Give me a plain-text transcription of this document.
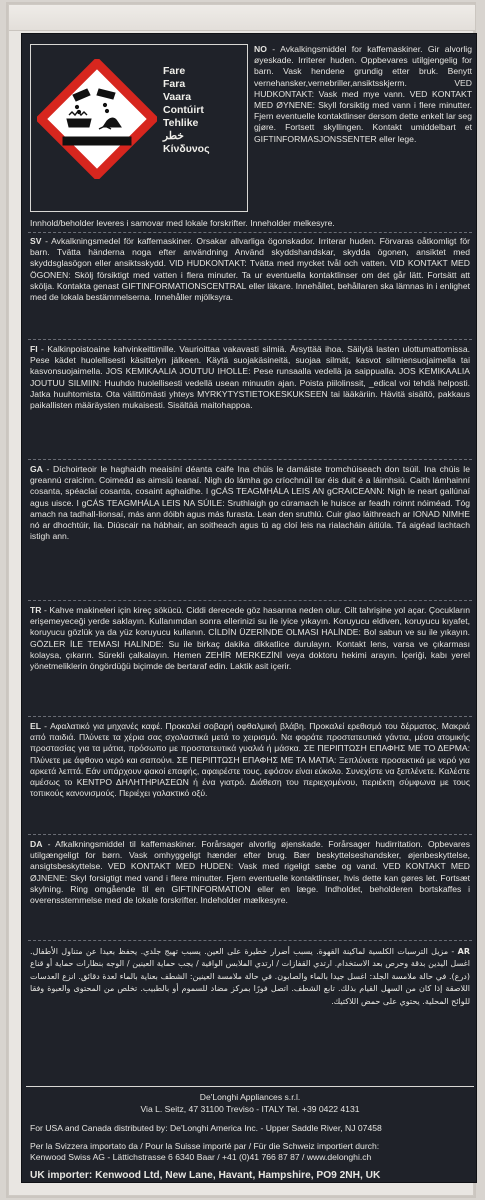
Fare
Fara
Vaara
Contúirt
Tehlike
خطر
Κίνδυνος
NO - Avkalkingsmiddel for kaffemaskiner. Gir alvorlig øyeskade. Irriterer huden. Oppbevares utilgjengelig for barn. Vask hendene grundig etter bruk. Benytt vernehansker,vernebriller,ansiktsskjerm. VED HUDKONTAKT: Vask med mye vann. VED KONTAKT MED ØYNENE: Skyll forsiktig med vann i flere minutter. Fjern eventuelle kontaktlinser dersom dette enkelt lar seg gjøre. Fortsett skyllingen. Kontakt umiddelbart et GIFTINFORMASJONSSENTER eller lege.
Innhold/beholder leveres i samovar med lokale forskrifter. Inneholder melkesyre.
SV - Avkalkningsmedel för kaffemaskiner. Orsakar allvarliga ögonskador. Irriterar huden. Förvaras oåtkomligt för barn. Tvätta händerna noga efter användning Använd skyddshandskar, skydda ögonen, ansiktet med skyddsglasögon eller ansiktsskydd. VID HUDKONTAKT: Tvätta med mycket tvål och vatten. VID KONTAKT MED ÖGONEN: Skölj försiktigt med vatten i flera minuter. Ta ur eventuella kontaktlinser om det går lätt. Fortsätt att skölja. Kontakta genast GIFTINFORMATIONSCENTRAL eller läkare. Innehållet, behållaren ska lämnas in i enlighet med de lokala bestämmelserna. Innehåller mjölksyra.
FI - Kalkinpoistoaine kahvinkeittimille. Vaurioittaa vakavasti silmiä. Ärsyttää ihoa. Säilytä lasten ulottumattomissa. Pese kädet huolellisesti käsittelyn jälkeen. Käytä suojakäsineitä, suojaa silmät, kasvot silmiensuojaimella tai kasvonsuojaimella. JOS KEMIKAALIA JOUTUU IHOLLE: Pese runsaalla vedellä ja saippualla. JOS KEMIKAALIA JOUTUU SILMIIN: Huuhdo huolellisesti vedellä usean minuutin ajan. Poista piilolinssit, _edical voi tehdä helposti. Jatka huuhtomista. Ota välittömästi yhteys MYRKYTYSTIETOKESKUKSEEN tai lääkäriin. Hävitä sisältö, pakkaus paikallisten määräysten mukaisesti. Sisältää maitohappoa.
GA - Díchoirteoir le haghaidh meaisíní déanta caife Ina chúis le damáiste tromchúiseach don tsúil. Ina chúis le greannú craicinn. Coimeád as aimsiú leanaí. Nigh do lámha go críochnúil tar éis duit é a láimhsiú. Caith lámhainní cosanta, spéaclaí cosanta, cosaint aghaidhe. I gCÁS TEAGMHÁLA LEIS AN gCRAICEANN: Nigh le neart gallúnaí agus uisce. I gCÁS TEAGMHÁLA LEIS NA SÚILE: Sruthlaigh go cúramach le huisce ar feadh roinnt nóiméad. Tóg amach na tadhall-lionsaí, más ann dóibh agus más furasta. Lean den sruthlú. Cuir glao láithreach ar IONAD NIMHE nó ar dhochtúir, lia. Diúscair na hábhair, an soitheach agus tú ag cloí leis na rialacháin áitiúla. Tá aigéad lachtach istigh ann.
TR - Kahve makineleri için kireç sökücü. Ciddi derecede göz hasarına neden olur. Cilt tahrişine yol açar. Çocukların erişemeyeceği yerde saklayın. Kullanımdan sonra ellerinizi su ile iyice yıkayın. Koruyucu eldiven, koruyucu kıyafet, koruyucu gözlük ya da yüz koruyucu kullanın. CİLDİN ÜZERİNDE OLMASI HALİNDE: Bol sabun ve su ile yıkayın. GÖZLER İLE TEMASI HALİNDE: Su ile birkaç dakika dikkatlice durulayın. Kontakt lens, varsa ve çıkarması kolaysa, çıkarın. Sürekli çalkalayın. Hemen ZEHİR MERKEZİNİ veya doktoru hekimi arayın. İçeriği, kabı yerel yönetmeliklerin öngördüğü biçimde de bertaraf edin. Laktik asit içerir.
EL - Αφαλατικό για μηχανές καφέ. Προκαλεί σοβαρή οφθαλμική βλάβη. Προκαλεί ερεθισμό του δέρματος. Μακριά από παιδιά. Πλύνετε τα χέρια σας σχολαστικά μετά το χειρισμό. Να φοράτε προστατευτικά γάντια, μέσα ατομικής προστασίας για τα μάτια, πρόσωπο με προστατευτικά γυαλιά ή μάσκα. ΣΕ ΠΕΡΙΠΤΩΣΗ ΕΠΑΦΗΣ ΜΕ ΤΟ ΔΕΡΜΑ: Πλύνετε με άφθονο νερό και σαπούνι. ΣΕ ΠΕΡΙΠΤΩΣΗ ΕΠΑΦΗΣ ΜΕ ΤΑ ΜΑΤΙΑ: Ξεπλύνετε προσεκτικά με νερό για αρκετά λεπτά. Εάν υπάρχουν φακοί επαφής, αφαιρέστε τους, εφόσον είναι εύκολο. Συνεχίστε να ξεπλένετε. Καλέστε αμέσως το ΚΕΝΤΡΟ ΔΗΛΗΤΗΡΙΑΣΕΩΝ ή ένα γιατρό. Διάθεση του περιεχομένου, περιέκτη σύμφωνα με τους τοπικούς κανονισμούς. Περιέχει γαλακτικό οξύ.
DA - Afkalkningsmiddel til kaffemaskiner. Forårsager alvorlig øjenskade. Forårsager hudirritation. Opbevares utilgængeligt for børn. Vask omhyggeligt hænder efter brug. Bær beskyttelseshandsker, øjenbeskyttelse, ansigtsbeskyttelse. VED KONTAKT MED HUDEN: Vask med rigeligt sæbe og vand. VED KONTAKT MED ØJNENE: Skyl forsigtigt med vand i flere minutter. Fjern eventuelle kontaktlinser, hvis dette kan gøres let. Fortsæt skylning. Ring omgående til en GIFTINFORMATION eller en læge. Indholdet, beholderen bortskaffes i overensstemmelse med de lokale forskrifter. Indeholder mælkesyre.
AR - مزيل الترسبات الكلسية لماكينة القهوة. يسبب أضرار خطيرة على العين. يسبب تهيج جلدي. يحفظ بعيدا عن متناول الأطفال. اغسل اليدين بدقة وحرص بعد الاستخدام. ارتدي القفازات / ارتدي الملابس الواقية / يجب حماية العينين / الوجه بنظارات حماية أو قناع (درع). في حالة ملامسة الجلد: اغسل جيدا بالماء والصابون. في حالة ملامسة العينين: الشطف بعناية بالماء لعدة دقائق. انزع العدسات اللاصقة إذا كان من السهل القيام بذلك. تابع الشطف. اتصل فورًا بمركز مضاد للسموم أو بالطبيب. تخلص من المحتوى والعبوة وفقا للوائح المحلية. يحتوي على حمض اللاكتيك.
De'Longhi Appliances s.r.l.
Via L. Seitz, 47 31100 Treviso - ITALY Tel. +39 0422 4131
For USA and Canada distributed by: De'Longhi America Inc. - Upper Saddle River, NJ 07458
Per la Svizzera importato da / Pour la Suisse importé par / Für die Schweiz importiert durch:
Kenwood Swiss AG - Lättichstrasse 6 6340 Baar / +41 (0)41 766 87 87 / www.delonghi.ch
UK importer: Kenwood Ltd, New Lane, Havant, Hampshire, PO9 2NH, UK
